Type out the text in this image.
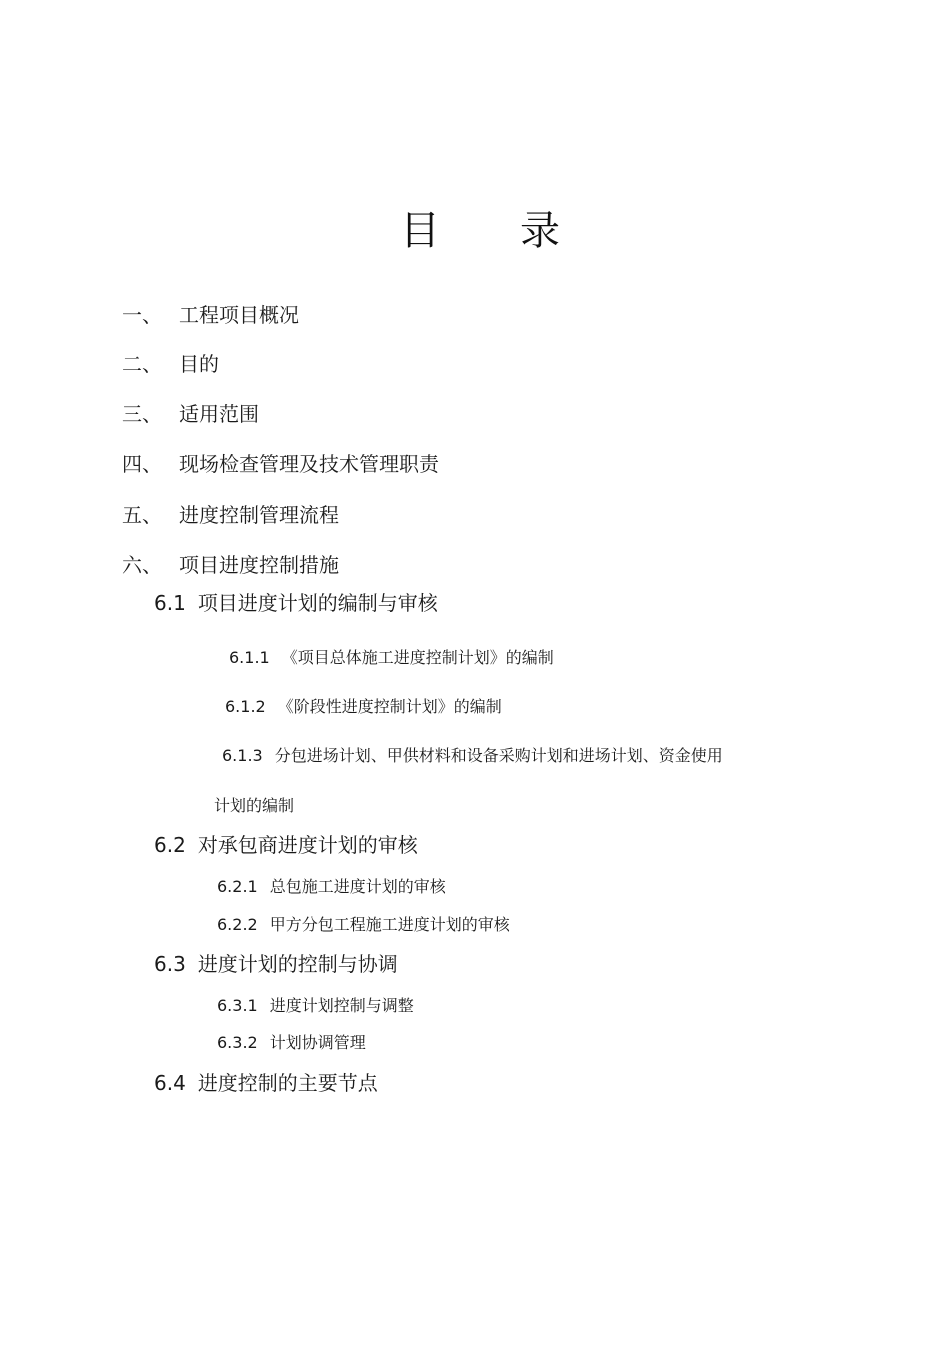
目 录
一、 工程项目概况
二、 目的
三、 适用范围
四、 现场检查管理及技术管理职责
五、 进度控制管理流程
六、 项目进度控制措施
6.1 项目进度计划的编制与审核
6.1.1 《项目总体施工进度控制计划》的编制
6.1.2 《阶段性进度控制计划》的编制
6.1.3 分包进场计划、甲供材料和设备采购计划和进场计划、资金使用
计划的编制
6.2 对承包商进度计划的审核
6.2.1 总包施工进度计划的审核
6.2.2 甲方分包工程施工进度计划的审核
6.3 进度计划的控制与协调
6.3.1 进度计划控制与调整
6.3.2 计划协调管理
6.4 进度控制的主要节点
